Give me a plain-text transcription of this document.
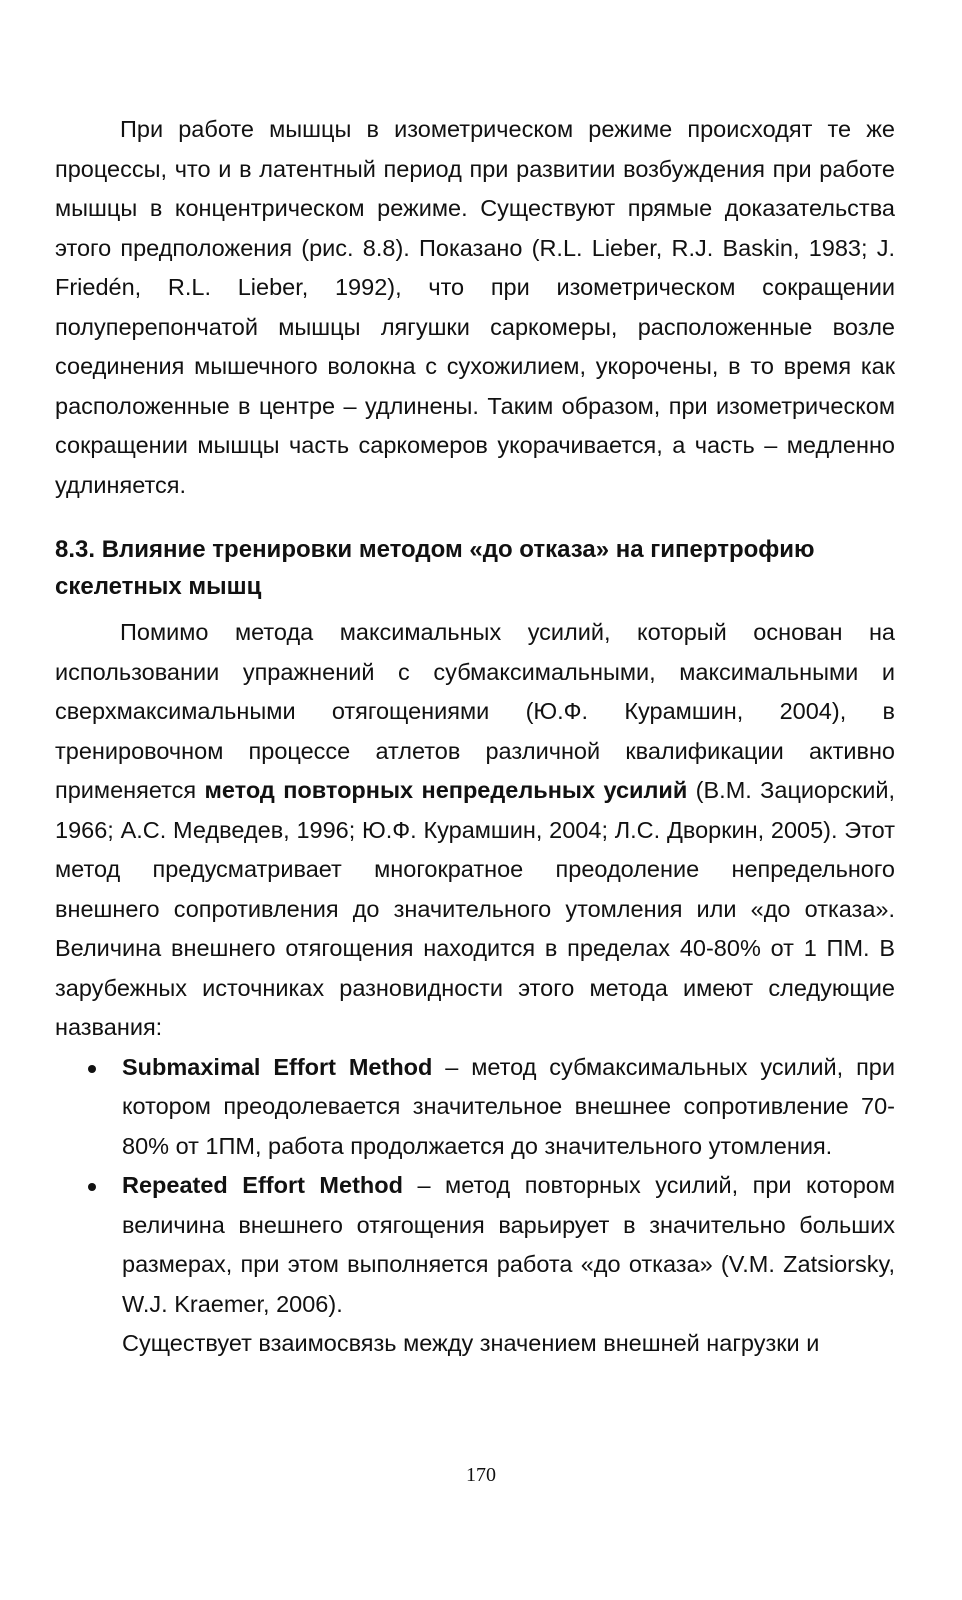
При работе мышцы в изометрическом режиме происходят те же процессы, что и в латентный период при развитии возбуждения при работе мышцы в концентрическом режиме. Существуют прямые доказательства этого предположения (рис. 8.8). Показано (R.L. Lieber, R.J. Baskin, 1983; J. Friedén, R.L. Lieber, 1992), что при изометрическом сокращении полуперепончатой мышцы лягушки саркомеры, расположенные возле соединения мышечного волокна с сухожилием, укорочены, в то время как расположенные в центре – удлинены. Таким образом, при изометрическом сокращении мышцы часть саркомеров укорачивается, а часть – медленно удлиняется.

8.3. Влияние тренировки методом «до отказа» на гипертрофию скелетных мышц

Помимо метода максимальных усилий, который основан на использовании упражнений с субмаксимальными, максимальными и сверхмаксимальными отягощениями (Ю.Ф. Курамшин, 2004), в тренировочном процессе атлетов различной квалификации активно применяется метод повторных непредельных усилий (В.М. Зациорский, 1966; А.С. Медведев, 1996; Ю.Ф. Курамшин, 2004; Л.С. Дворкин, 2005). Этот метод предусматривает многократное преодоление непредельного внешнего сопротивления до значительного утомления или «до отказа». Величина внешнего отягощения находится в пределах 40-80% от 1 ПМ. В зарубежных источниках разновидности этого метода имеют следующие названия:

Submaximal Effort Method – метод субмаксимальных усилий, при котором преодолевается значительное внешнее сопротивление 70-80% от 1ПМ, работа продолжается до значительного утомления.
Repeated Effort Method – метод повторных усилий, при котором величина внешнего отягощения варьирует в значительно больших размерах, при этом выполняется работа «до отказа» (V.M. Zatsiorsky, W.J. Kraemer, 2006).

Существует взаимосвязь между значением внешней нагрузки и

170
